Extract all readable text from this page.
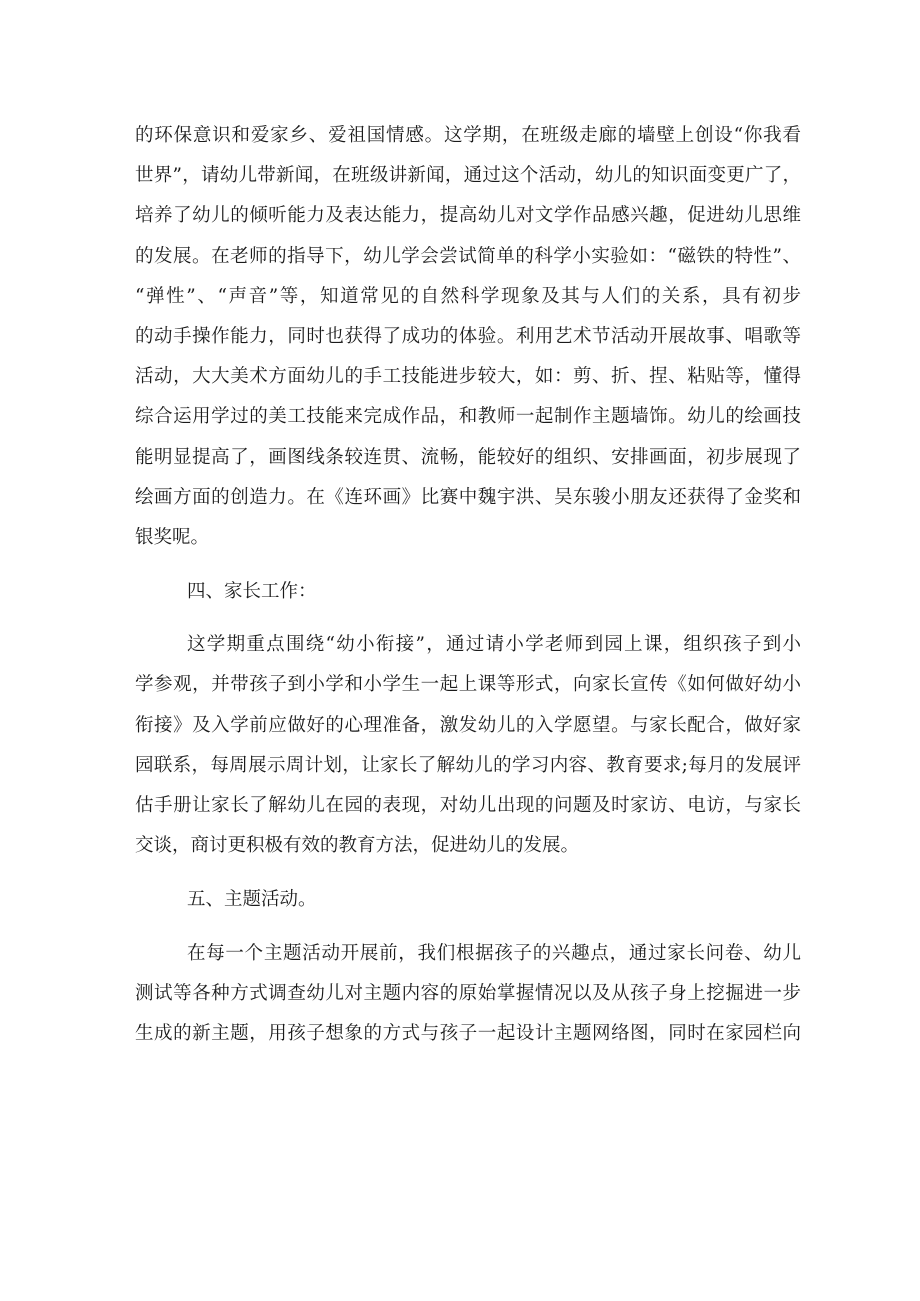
的环保意识和爱家乡、爱祖国情感。这学期，在班级走廊的墙壁上创设“你我看
世界”，请幼儿带新闻，在班级讲新闻，通过这个活动，幼儿的知识面变更广了，
培养了幼儿的倾听能力及表达能力，提高幼儿对文学作品感兴趣，促进幼儿思维
的发展。在老师的指导下，幼儿学会尝试简单的科学小实验如：“磁铁的特性”、
“弹性”、“声音”等，知道常见的自然科学现象及其与人们的关系，具有初步
的动手操作能力，同时也获得了成功的体验。利用艺术节活动开展故事、唱歌等
活动，大大美术方面幼儿的手工技能进步较大，如：剪、折、捏、粘贴等，懂得
综合运用学过的美工技能来完成作品，和教师一起制作主题墙饰。幼儿的绘画技
能明显提高了，画图线条较连贯、流畅，能较好的组织、安排画面，初步展现了
绘画方面的创造力。在《连环画》比赛中魏宇洪、吴东骏小朋友还获得了金奖和
银奖呢。
四、家长工作：
这学期重点围绕“幼小衔接”，通过请小学老师到园上课，组织孩子到小
学参观，并带孩子到小学和小学生一起上课等形式，向家长宣传《如何做好幼小
衔接》及入学前应做好的心理准备，激发幼儿的入学愿望。与家长配合，做好家
园联系，每周展示周计划，让家长了解幼儿的学习内容、教育要求;每月的发展评
估手册让家长了解幼儿在园的表现，对幼儿出现的问题及时家访、电访，与家长
交谈，商讨更积极有效的教育方法，促进幼儿的发展。
五、主题活动。
在每一个主题活动开展前，我们根据孩子的兴趣点，通过家长问卷、幼儿
测试等各种方式调查幼儿对主题内容的原始掌握情况以及从孩子身上挖掘进一步
生成的新主题，用孩子想象的方式与孩子一起设计主题网络图，同时在家园栏向
